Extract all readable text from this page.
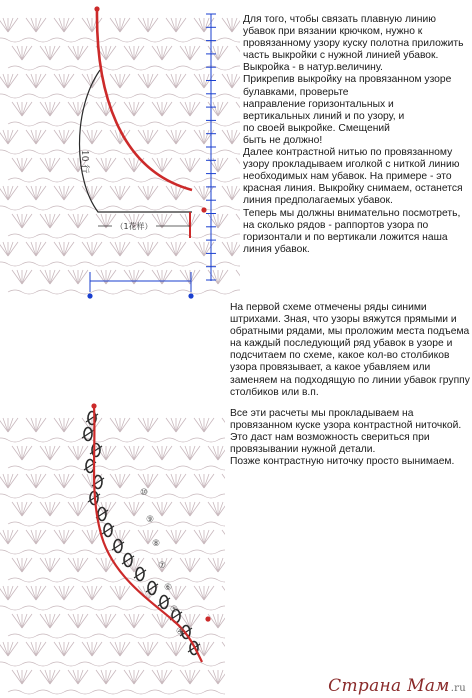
10 行
（1花样）
⑩
⑨
⑧
⑦
⑥
⑤
④

Для того, чтобы связать плавную линию убавок при вязании крючком, нужно к провязанному узору куску полотна приложить часть выкройки с нужной линией убавок. Выкройка - в натур.величину.
Прикрепив выкройку на провязанном узоре булавками, проверьте
направление горизонтальных и
вертикальных линий и по узору, и
по своей выкройке. Смещений
быть не должно!
Далее контрастной нитью по провязанному узору прокладываем иголкой с ниткой линию необходимых нам убавок. На примере - это красная линия. Выкройку снимаем, останется линия предполагаемых убавок.
Теперь мы должны внимательно посмотреть, на сколько рядов - раппортов узора по горизонтали и по вертикали ложится наша линия убавок.

На первой схеме отмечены ряды синими штрихами. Зная, что узоры вяжутся прямыми и обратными рядами, мы проложим места подъема на каждый последующий ряд убавок в узоре и подсчитаем по схеме, какое кол-во столбиков узора провязывает, а какое убавляем или заменяем на подходящую по линии убавок группу столбиков или в.п.

Все эти расчеты мы прокладываем на провязанном куске узора контрастной ниточкой. Это даст нам возможность свериться при провязывании нужной детали.
Позже контрастную ниточку просто вынимаем.

Страна Мам.ru
